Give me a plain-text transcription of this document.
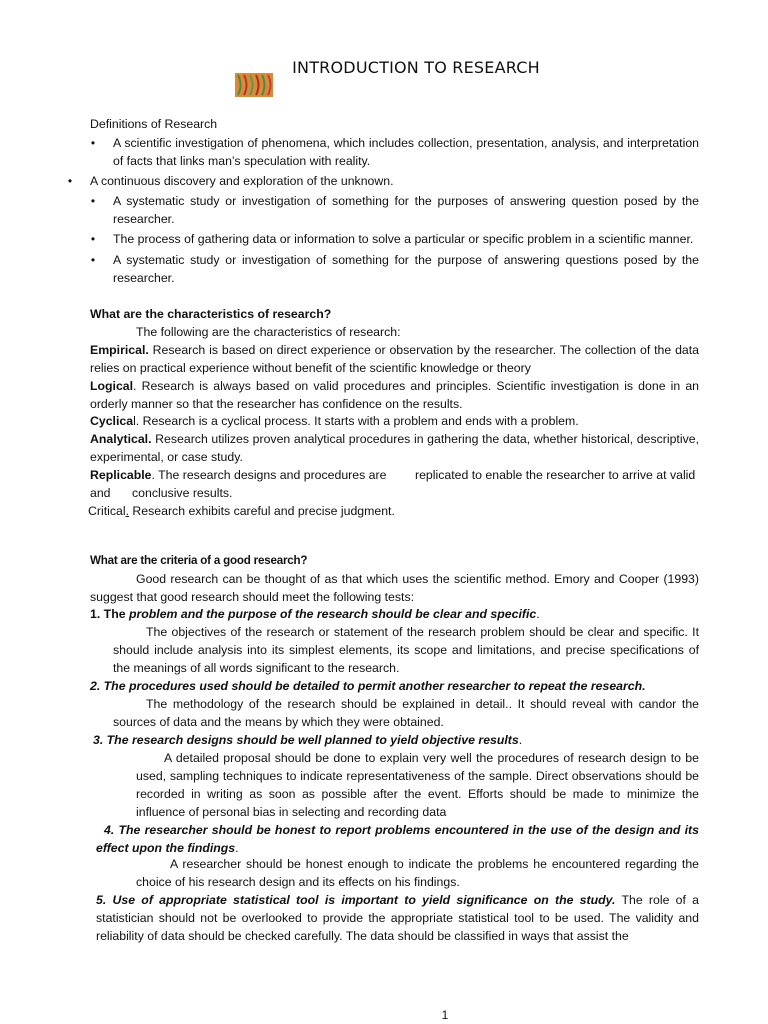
INTRODUCTION TO RESEARCH
Definitions of Research
• A scientific investigation of phenomena, which includes collection, presentation, analysis, and interpretation of facts that links man’s speculation with reality.
• A continuous discovery and exploration of the unknown.
• A systematic study or investigation of something for the purposes of answering question posed by the researcher.
• The process of gathering data or information to solve a particular or specific problem in a scientific manner.
• A systematic study or investigation of something for the purpose of answering questions posed by the researcher.
What are the characteristics of research?
The following are the characteristics of research:
Empirical. Research is based on direct experience or observation by the researcher. The collection of the data relies on practical experience without benefit of the scientific knowledge or theory
Logical. Research is always based on valid procedures and principles. Scientific investigation is done in an orderly manner so that the researcher has confidence on the results.
Cyclical. Research is a cyclical process. It starts with a problem and ends with a problem.
Analytical. Research utilizes proven analytical procedures in gathering the data, whether historical, descriptive, experimental, or case study.
Replicable. The research designs and procedures are replicated to enable the researcher to arrive at valid
and conclusive results.
Critical. Research exhibits careful and precise judgment.
What are the criteria of a good research?
Good research can be thought of as that which uses the scientific method. Emory and Cooper (1993) suggest that good research should meet the following tests:
1. The problem and the purpose of the research should be clear and specific.
The objectives of the research or statement of the research problem should be clear and specific. It should include analysis into its simplest elements, its scope and limitations, and precise specifications of the meanings of all words significant to the research.
2. The procedures used should be detailed to permit another researcher to repeat the research.
The methodology of the research should be explained in detail.. It should reveal with candor the sources of data and the means by which they were obtained.
3. The research designs should be well planned to yield objective results.
A detailed proposal should be done to explain very well the procedures of research design to be used, sampling techniques to indicate representativeness of the sample. Direct observations should be recorded in writing as soon as possible after the event. Efforts should be made to minimize the influence of personal bias in selecting and recording data
4. The researcher should be honest to report problems encountered in the use of the design and its effect upon the findings.
A researcher should be honest enough to indicate the problems he encountered regarding the choice of his research design and its effects on his findings.
5. Use of appropriate statistical tool is important to yield significance on the study. The role of a statistician should not be overlooked to provide the appropriate statistical tool to be used. The validity and reliability of data should be checked carefully. The data should be classified in ways that assist the
1
